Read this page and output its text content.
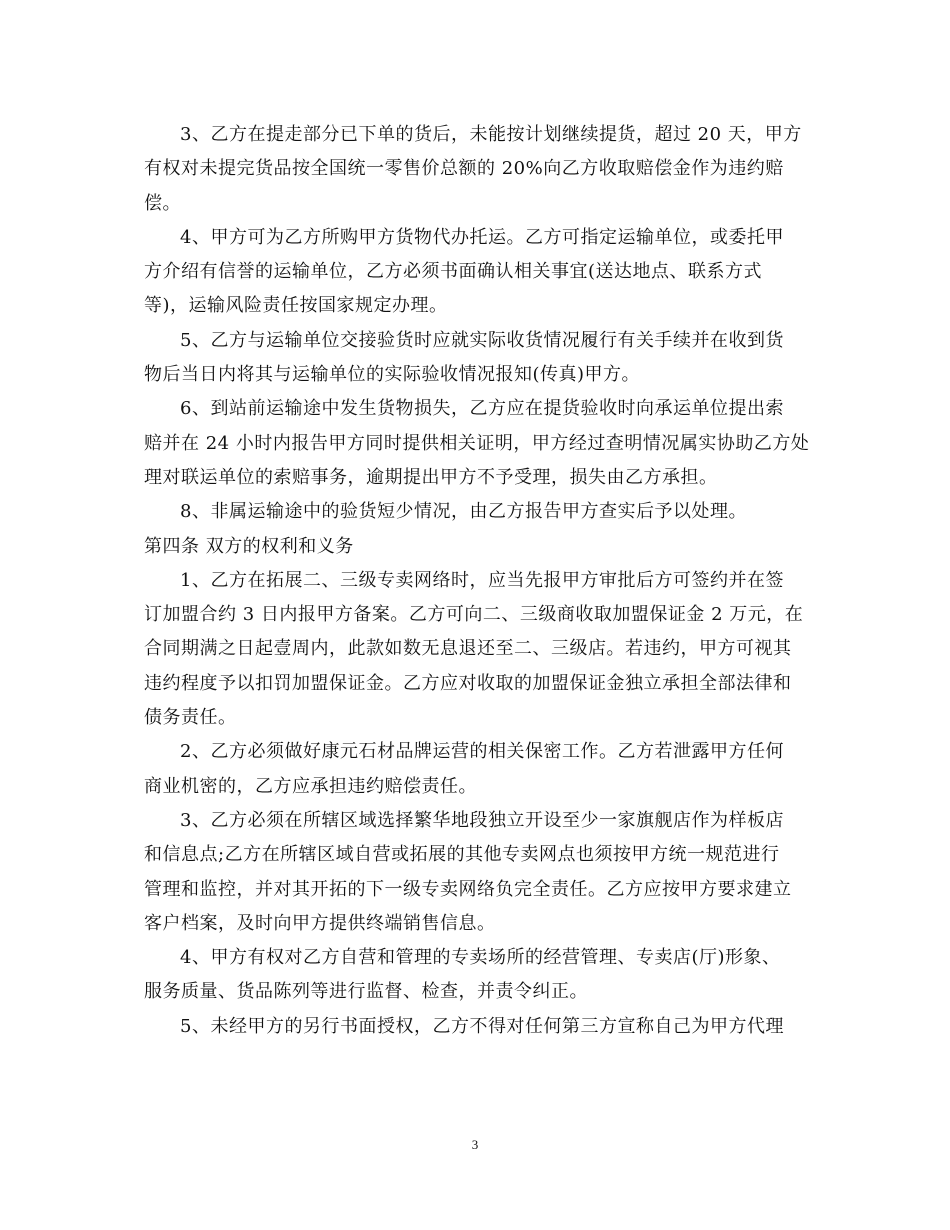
3、乙方在提走部分已下单的货后，未能按计划继续提货，超过 20 天，甲方
有权对未提完货品按全国统一零售价总额的 20%向乙方收取赔偿金作为违约赔
偿。

4、甲方可为乙方所购甲方货物代办托运。乙方可指定运输单位，或委托甲
方介绍有信誉的运输单位，乙方必须书面确认相关事宜(送达地点、联系方式
等)，运输风险责任按国家规定办理。

5、乙方与运输单位交接验货时应就实际收货情况履行有关手续并在收到货
物后当日内将其与运输单位的实际验收情况报知(传真)甲方。

6、到站前运输途中发生货物损失，乙方应在提货验收时向承运单位提出索
赔并在 24 小时内报告甲方同时提供相关证明，甲方经过查明情况属实协助乙方处
理对联运单位的索赔事务，逾期提出甲方不予受理，损失由乙方承担。

8、非属运输途中的验货短少情况，由乙方报告甲方查实后予以处理。

第四条 双方的权利和义务

1、乙方在拓展二、三级专卖网络时，应当先报甲方审批后方可签约并在签
订加盟合约 3 日内报甲方备案。乙方可向二、三级商收取加盟保证金 2 万元，在
合同期满之日起壹周内，此款如数无息退还至二、三级店。若违约，甲方可视其
违约程度予以扣罚加盟保证金。乙方应对收取的加盟保证金独立承担全部法律和
债务责任。

2、乙方必须做好康元石材品牌运营的相关保密工作。乙方若泄露甲方任何
商业机密的，乙方应承担违约赔偿责任。

3、乙方必须在所辖区域选择繁华地段独立开设至少一家旗舰店作为样板店
和信息点;乙方在所辖区域自营或拓展的其他专卖网点也须按甲方统一规范进行
管理和监控，并对其开拓的下一级专卖网络负完全责任。乙方应按甲方要求建立
客户档案，及时向甲方提供终端销售信息。

4、甲方有权对乙方自营和管理的专卖场所的经营管理、专卖店(厅)形象、
服务质量、货品陈列等进行监督、检查，并责令纠正。

5、未经甲方的另行书面授权，乙方不得对任何第三方宣称自己为甲方代理

3
